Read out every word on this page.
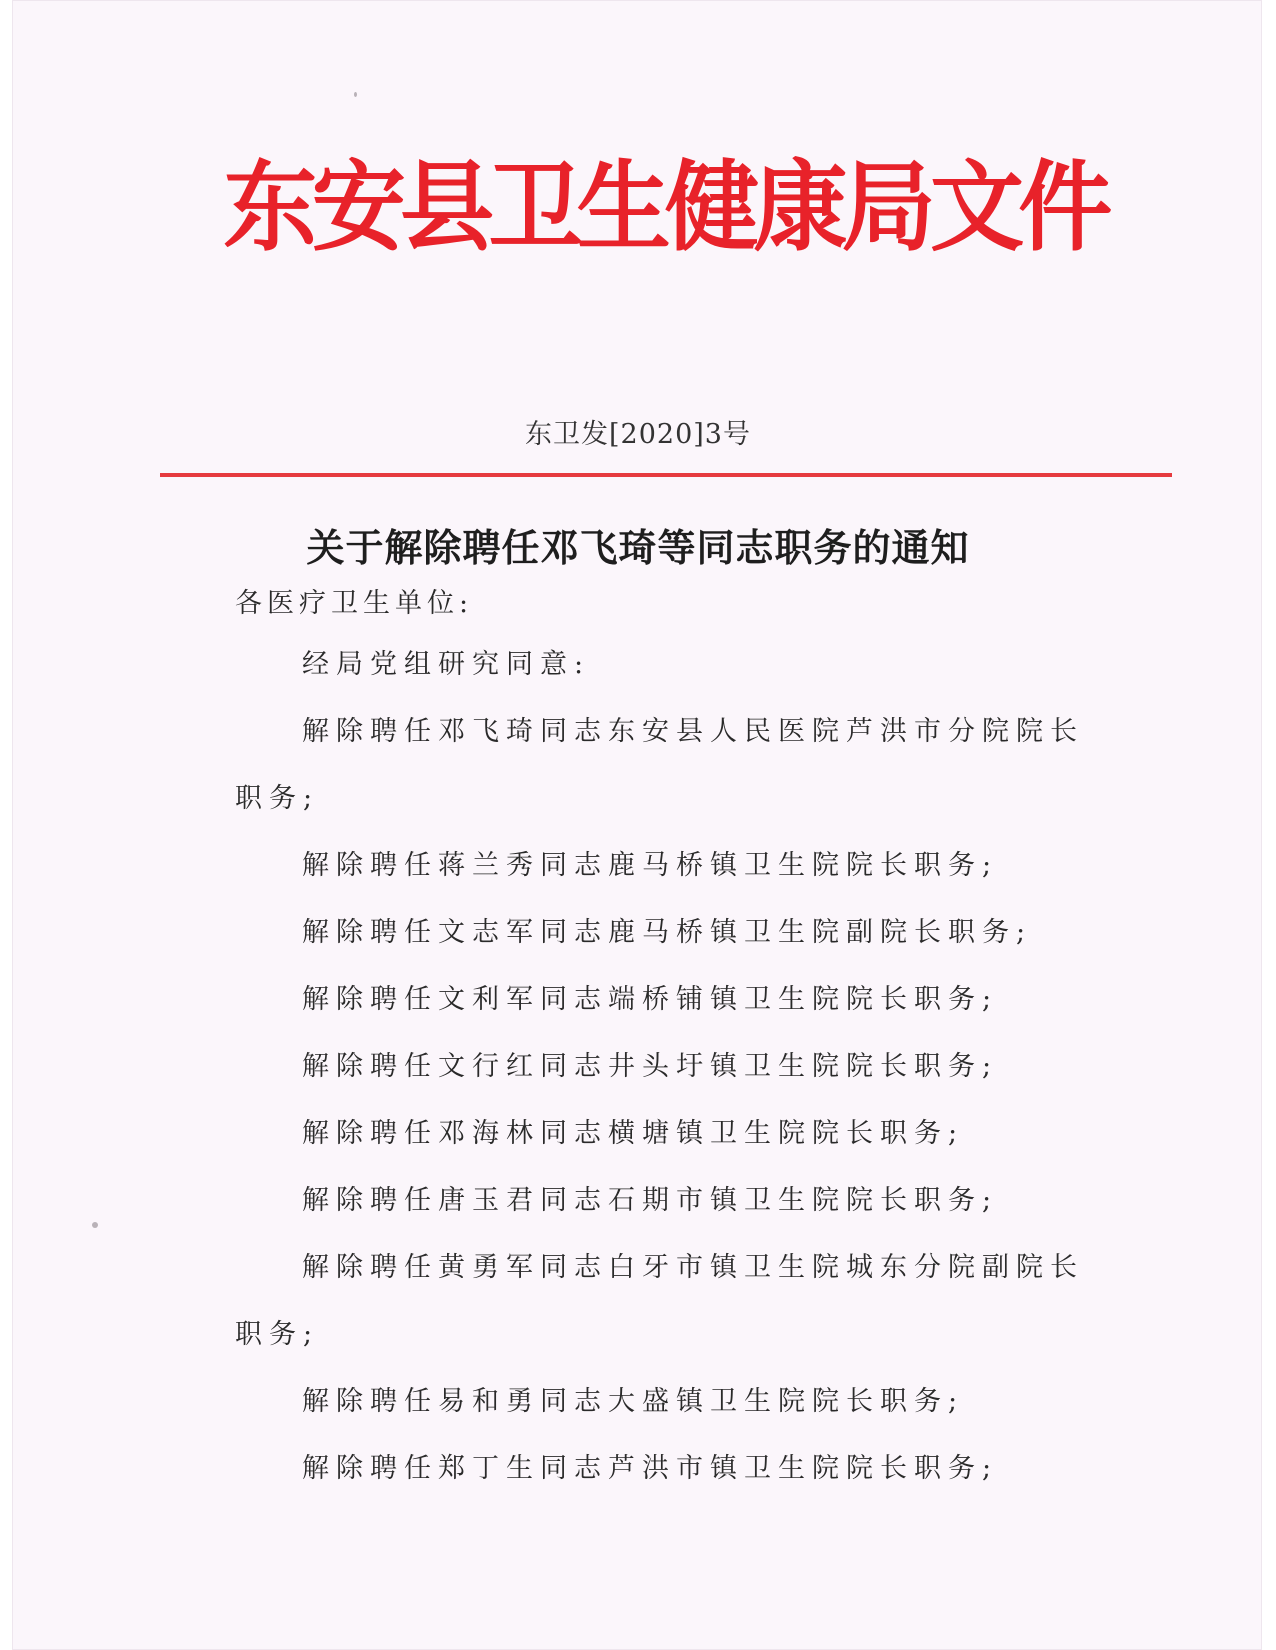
东安县卫生健康局文件
东卫发[2020]3号
关于解除聘任邓飞琦等同志职务的通知
各医疗卫生单位:
经局党组研究同意:
解除聘任邓飞琦同志东安县人民医院芦洪市分院院长
职务;
解除聘任蒋兰秀同志鹿马桥镇卫生院院长职务;
解除聘任文志军同志鹿马桥镇卫生院副院长职务;
解除聘任文利军同志端桥铺镇卫生院院长职务;
解除聘任文行红同志井头圩镇卫生院院长职务;
解除聘任邓海林同志横塘镇卫生院院长职务;
解除聘任唐玉君同志石期市镇卫生院院长职务;
解除聘任黄勇军同志白牙市镇卫生院城东分院副院长
职务;
解除聘任易和勇同志大盛镇卫生院院长职务;
解除聘任郑丁生同志芦洪市镇卫生院院长职务;
